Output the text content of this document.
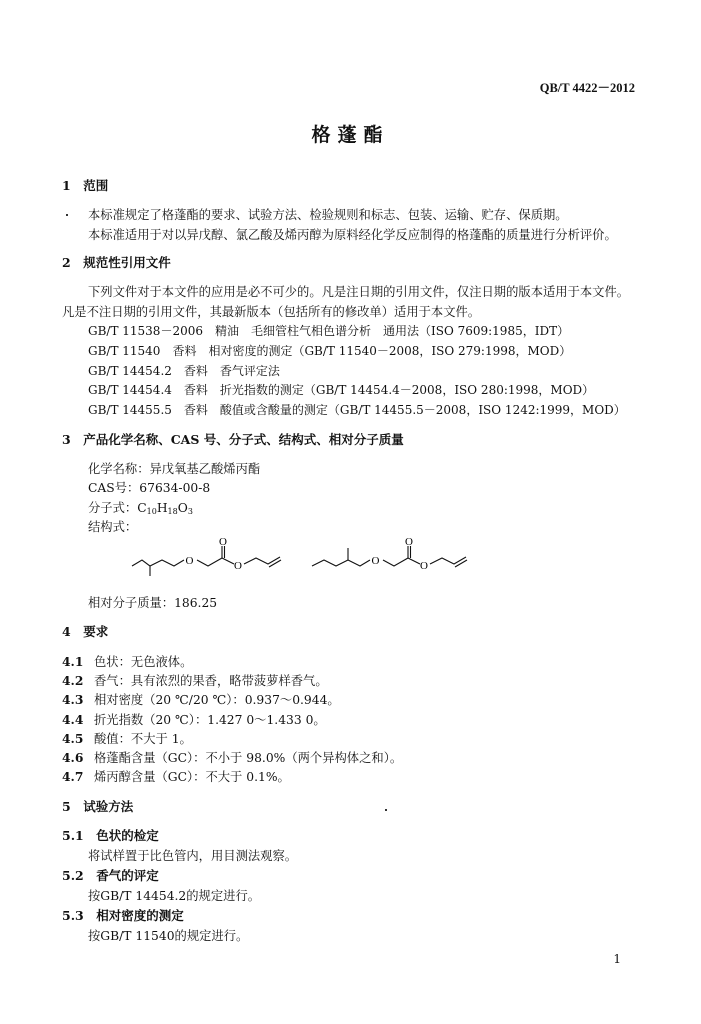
QB/T 4422－2012
格蓬酯
1　范围
本标准规定了格蓬酯的要求、试验方法、检验规则和标志、包装、运输、贮存、保质期。
本标准适用于对以异戊醇、氯乙酸及烯丙醇为原料经化学反应制得的格蓬酯的质量进行分析评价。
2　规范性引用文件
下列文件对于本文件的应用是必不可少的。凡是注日期的引用文件，仅注日期的版本适用于本文件。
凡是不注日期的引用文件，其最新版本（包括所有的修改单）适用于本文件。
GB/T 11538－2006　精油　毛细管柱气相色谱分析　通用法（ISO 7609:1985，IDT）
GB/T 11540　香料　相对密度的测定（GB/T 11540－2008，ISO 279:1998，MOD）
GB/T 14454.2　香料　香气评定法
GB/T 14454.4　香料　折光指数的测定（GB/T 14454.4－2008，ISO 280:1998，MOD）
GB/T 14455.5　香料　酸值或含酸量的测定（GB/T 14455.5－2008，ISO 1242:1999，MOD）
3　产品化学名称、CAS 号、分子式、结构式、相对分子质量
化学名称：异戊氧基乙酸烯丙酯
CAS号：67634-00-8
分子式：$C_{10}H_{18}O_3$
结构式：
O
O
O	O
O
O
相对分子质量：186.25
4　要求
4.1 色状：无色液体。
4.2 香气：具有浓烈的果香，略带菠萝样香气。
4.3 相对密度（20 ℃/20 ℃）：0.937～0.944。
4.4 折光指数（20 ℃）：1.427 0～1.433 0。
4.5 酸值：不大于 1。
4.6 格蓬酯含量（GC）：不小于 98.0%（两个异构体之和）。
4.7 烯丙醇含量（GC）：不大于 0.1%。
5　试验方法
5.1　色状的检定
将试样置于比色管内，用目测法观察。
5.2　香气的评定
按GB/T 14454.2的规定进行。
5.3　相对密度的测定
按GB/T 11540的规定进行。
1
